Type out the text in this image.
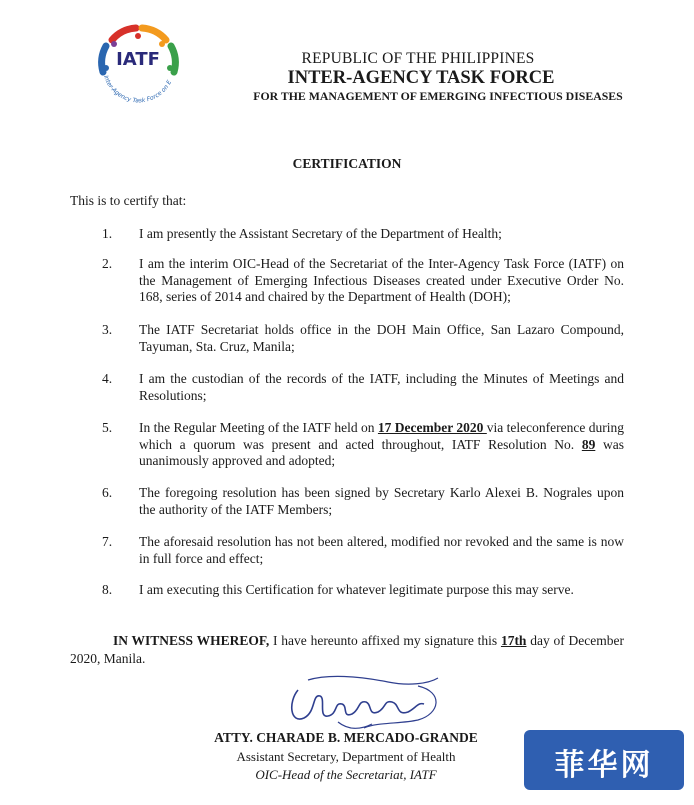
Inter-Agency Task Force on E
IATF	REPUBLIC OF THE PHILIPPINES
INTER-AGENCY TASK FORCE
FOR THE MANAGEMENT OF EMERGING INFECTIOUS DISEASES
CERTIFICATION
This is to certify that:
1. I am presently the Assistant Secretary of the Department of Health;
2. I am the interim OIC-Head of the Secretariat of the Inter-Agency Task Force (IATF) on the Management of Emerging Infectious Diseases created under Executive Order No. 168, series of 2014 and chaired by the Department of Health (DOH);
3. The IATF Secretariat holds office in the DOH Main Office, San Lazaro Compound, Tayuman, Sta. Cruz, Manila;
4. I am the custodian of the records of the IATF, including the Minutes of Meetings and Resolutions;
5. In the Regular Meeting of the IATF held on 17 December 2020 via teleconference during which a quorum was present and acted throughout, IATF Resolution No. 89 was unanimously approved and adopted;
6. The foregoing resolution has been signed by Secretary Karlo Alexei B. Nograles upon the authority of the IATF Members;
7. The aforesaid resolution has not been altered, modified nor revoked and the same is now in full force and effect;
8. I am executing this Certification for whatever legitimate purpose this may serve.
IN WITNESS WHEREOF, I have hereunto affixed my signature this 17th day of December 2020, Manila.
ATTY. CHARADE B. MERCADO-GRANDE
Assistant Secretary, Department of Health
OIC-Head of the Secretariat, IATF	菲华网
